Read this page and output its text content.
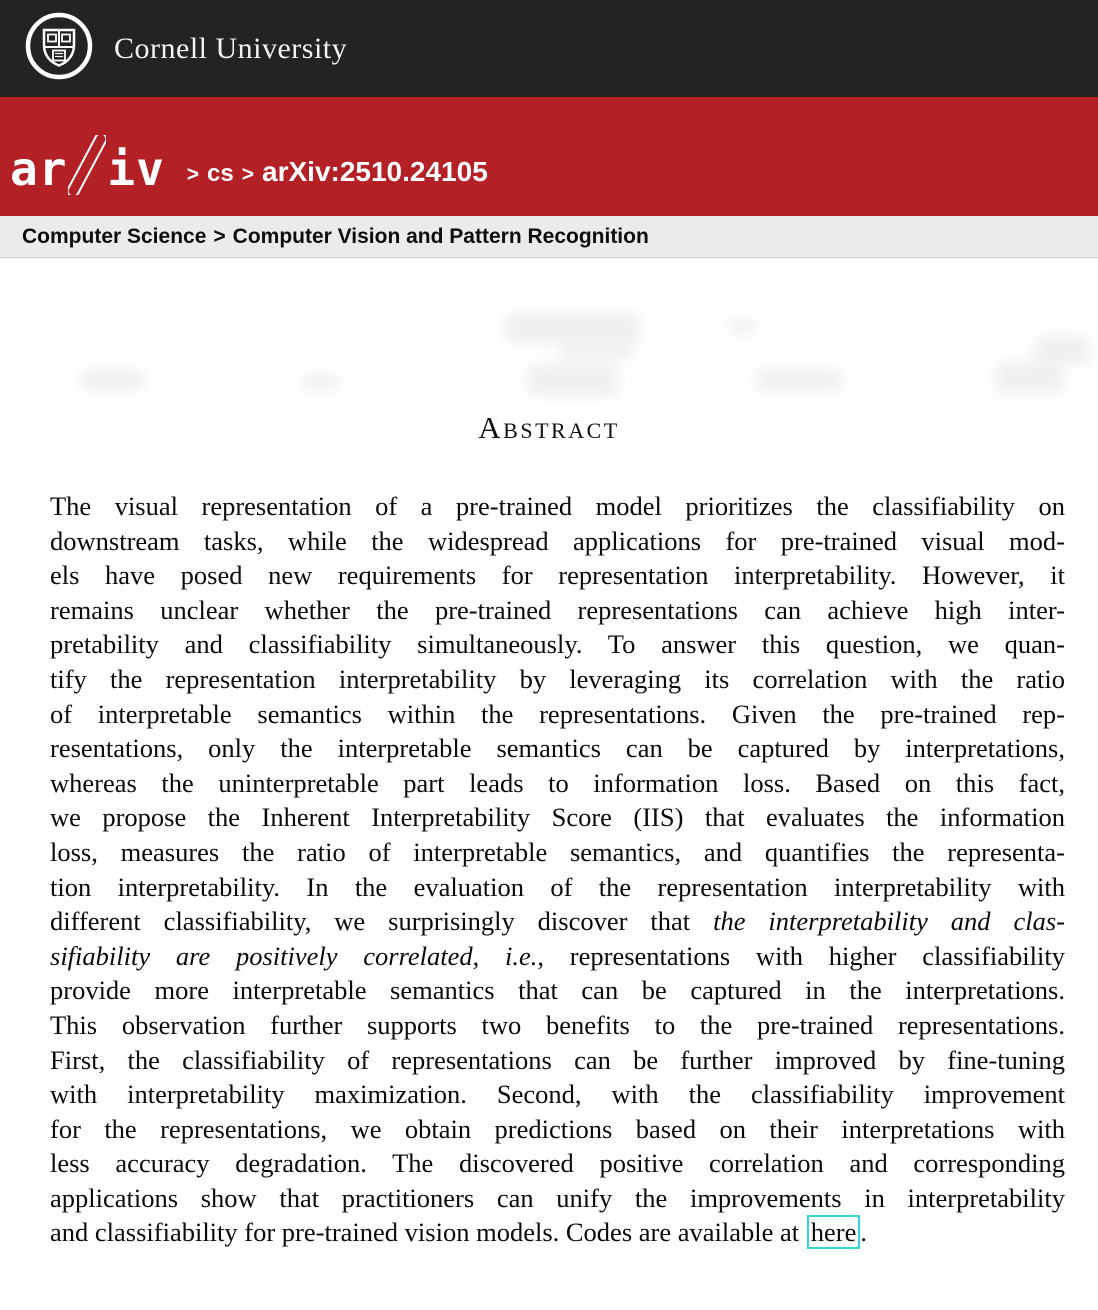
Cornell University
ar iv > cs > arXiv:2510.24105
Computer Science > Computer Vision and Pattern Recognition
Abstract
The visual representation of a pre-trained model prioritizes the classifiability on
downstream tasks, while the widespread applications for pre-trained visual mod-
els have posed new requirements for representation interpretability. However, it
remains unclear whether the pre-trained representations can achieve high inter-
pretability and classifiability simultaneously. To answer this question, we quan-
tify the representation interpretability by leveraging its correlation with the ratio
of interpretable semantics within the representations. Given the pre-trained rep-
resentations, only the interpretable semantics can be captured by interpretations,
whereas the uninterpretable part leads to information loss. Based on this fact,
we propose the Inherent Interpretability Score (IIS) that evaluates the information
loss, measures the ratio of interpretable semantics, and quantifies the representa-
tion interpretability. In the evaluation of the representation interpretability with
different classifiability, we surprisingly discover that the interpretability and clas-
sifiability are positively correlated, i.e., representations with higher classifiability
provide more interpretable semantics that can be captured in the interpretations.
This observation further supports two benefits to the pre-trained representations.
First, the classifiability of representations can be further improved by fine-tuning
with interpretability maximization. Second, with the classifiability improvement
for the representations, we obtain predictions based on their interpretations with
less accuracy degradation. The discovered positive correlation and corresponding
applications show that practitioners can unify the improvements in interpretability
and classifiability for pre-trained vision models. Codes are available at here .
